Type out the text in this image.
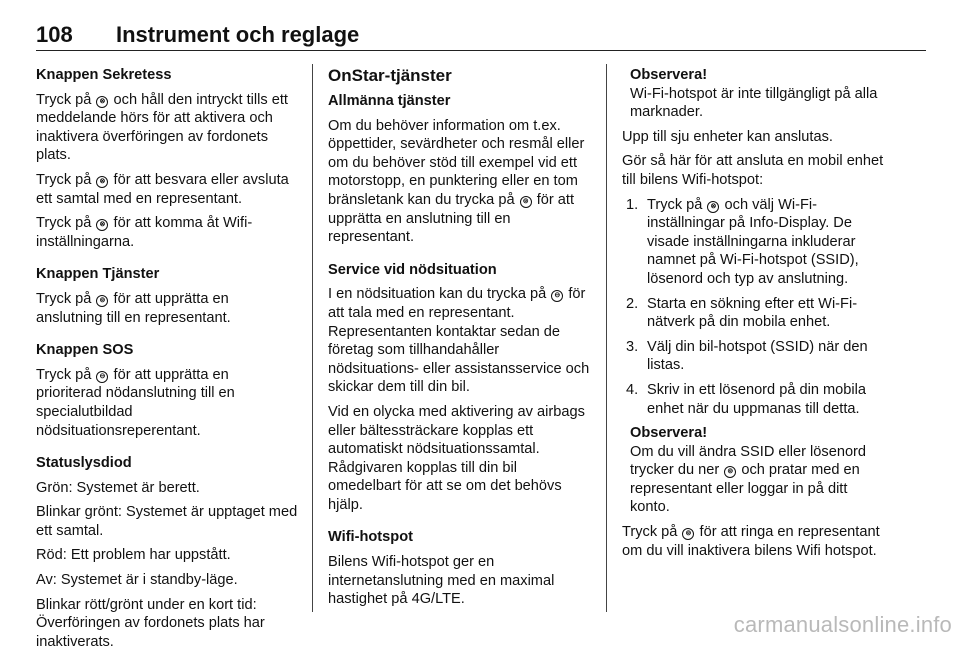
108 Instrument och reglage

Knappen Sekretess

Tryck på ⊗ och håll den intryckt tills ett meddelande hörs för att aktivera och inaktivera överföringen av fordonets plats.

Tryck på ⊗ för att besvara eller avsluta ett samtal med en representant.

Tryck på ⊗ för att komma åt Wifi-inställningarna.

Knappen Tjänster

Tryck på ⊚ för att upprätta en anslutning till en representant.

Knappen SOS

Tryck på ⊖ för att upprätta en prioriterad nödanslutning till en specialutbildad nödsituationsreperentant.

Statuslysdiod

Grön: Systemet är berett.

Blinkar grönt: Systemet är upptaget med ett samtal.

Röd: Ett problem har uppstått.

Av: Systemet är i standby-läge.

Blinkar rött/grönt under en kort tid: Överföringen av fordonets plats har inaktiverats.

OnStar-tjänster

Allmänna tjänster

Om du behöver information om t.ex. öppettider, sevärdheter och resmål eller om du behöver stöd till exempel vid ett motorstopp, en punktering eller en tom bränsletank kan du trycka på ⊚ för att upprätta en anslutning till en representant.

Service vid nödsituation

I en nödsituation kan du trycka på ⊖ för att tala med en representant. Representanten kontaktar sedan de företag som tillhandahåller nödsituations- eller assistansservice och skickar dem till din bil.

Vid en olycka med aktivering av airbags eller bältessträckare kopplas ett automatiskt nödsituationssamtal. Rådgivaren kopplas till din bil omedelbart för att se om det behövs hjälp.

Wifi-hotspot

Bilens Wifi-hotspot ger en internetanslutning med en maximal hastighet på 4G/LTE.

Observera!

Wi-Fi-hotspot är inte tillgängligt på alla marknader.

Upp till sju enheter kan anslutas.

Gör så här för att ansluta en mobil enhet till bilens Wifi-hotspot:

1. Tryck på ⊗ och välj Wi-Fi-inställningar på Info-Display. De visade inställningarna inkluderar namnet på Wi-Fi-hotspot (SSID), lösenord och typ av anslutning.
2. Starta en sökning efter ett Wi-Fi-nätverk på din mobila enhet.
3. Välj din bil-hotspot (SSID) när den listas.
4. Skriv in ett lösenord på din mobila enhet när du uppmanas till detta.

Observera!

Om du vill ändra SSID eller lösenord trycker du ner ⊚ och pratar med en representant eller loggar in på ditt konto.

Tryck på ⊚ för att ringa en representant om du vill inaktivera bilens Wifi hotspot.

carmanualsonline.info
